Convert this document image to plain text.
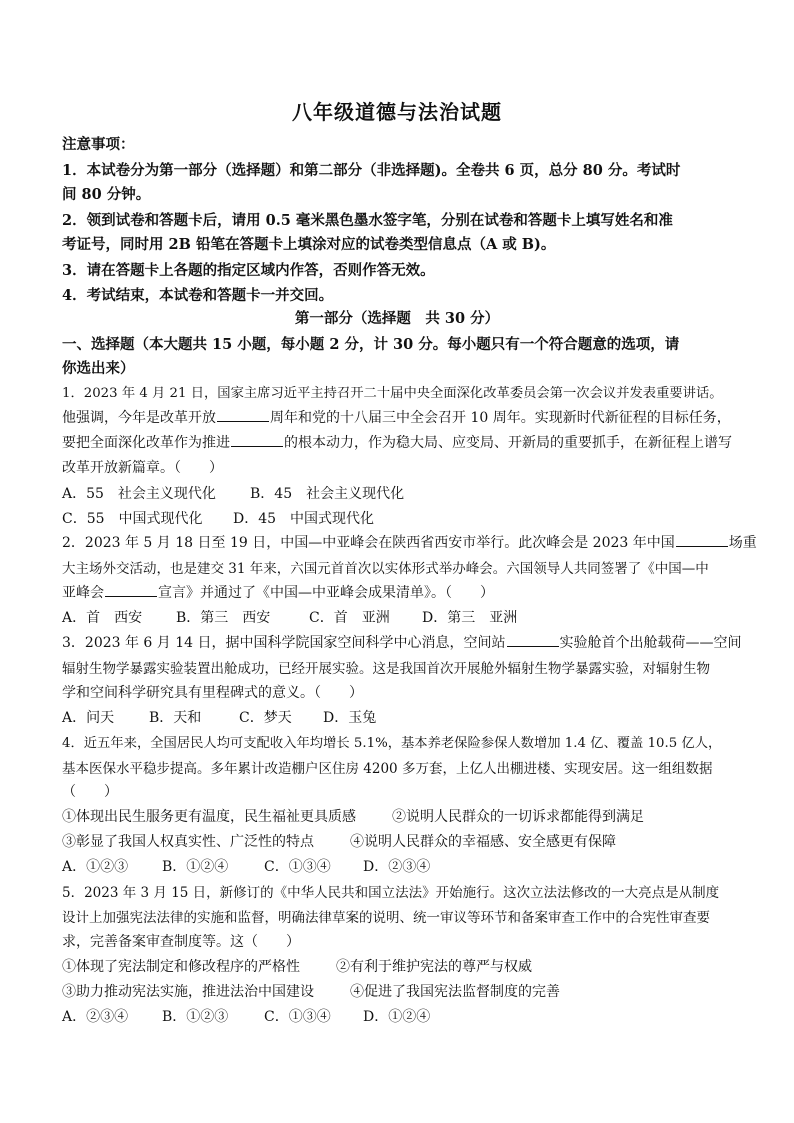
八年级道德与法治试题
注意事项：
1．本试卷分为第一部分（选择题）和第二部分（非选择题)。全卷共 6 页，总分 80 分。考试时
间 80 分钟。
2．领到试卷和答题卡后，请用 0.5 毫米黑色墨水签字笔，分别在试卷和答题卡上填写姓名和准
考证号，同时用 2B 铅笔在答题卡上填涂对应的试卷类型信息点（A 或 B)。
3．请在答题卡上各题的指定区域内作答，否则作答无效。
4．考试结束，本试卷和答题卡一并交回。
第一部分（选择题　共 30 分）
一、选择题（本大题共 15 小题，每小题 2 分，计 30 分。每小题只有一个符合题意的选项，请
你选出来）
1．2023 年 4 月 21 日，国家主席习近平主持召开二十届中央全面深化改革委员会第一次会议并发表重要讲话。
他强调，今年是改革开放	周年和党的十八届三中全会召开 10 周年。实现新时代新征程的目标任务，
要把全面深化改革作为推进	的根本动力，作为稳大局、应变局、开新局的重要抓手，在新征程上谱写
改革开放新篇章。（　　）
A．55　社会主义现代化 B．45　社会主义现代化
C．55　中国式现代化 D．45　中国式现代化
2．2023 年 5 月 18 日至 19 日，中国—中亚峰会在陕西省西安市举行。此次峰会是 2023 年中国	场重
大主场外交活动，也是建交 31 年来，六国元首首次以实体形式举办峰会。六国领导人共同签署了《中国—中
亚峰会	宣言》并通过了《中国—中亚峰会成果清单》。（　　）
A．首　西安 B．第三　西安	C．首　亚洲 D．第三　亚洲
3．2023 年 6 月 14 日，据中国科学院国家空间科学中心消息，空间站	实验舱首个出舱载荷——空间
辐射生物学暴露实验装置出舱成功，已经开展实验。这是我国首次开展舱外辐射生物学暴露实验，对辐射生物
学和空间科学研究具有里程碑式的意义。（　　）
A．问天 B．天和	C．梦天 D．玉兔
4．近五年来，全国居民人均可支配收入年均增长 5.1%，基本养老保险参保人数增加 1.4 亿、覆盖 10.5 亿人，
基本医保水平稳步提高。多年累计改造棚户区住房 4200 多万套，上亿人出棚进楼、实现安居。这一组组数据
（　　）
①体现出民生服务更有温度，民生福祉更具质感	②说明人民群众的一切诉求都能得到满足
③彰显了我国人权真实性、广泛性的特点	④说明人民群众的幸福感、安全感更有保障
A．①②③ B．①②④	C．①③④ D．②③④
5．2023 年 3 月 15 日，新修订的《中华人民共和国立法法》开始施行。这次立法法修改的一大亮点是从制度
设计上加强宪法法律的实施和监督，明确法律草案的说明、统一审议等环节和备案审查工作中的合宪性审查要
求，完善备案审查制度等。这（　　）
①体现了宪法制定和修改程序的严格性	②有利于维护宪法的尊严与权威
③助力推动宪法实施，推进法治中国建设	④促进了我国宪法监督制度的完善
A．②③④ B．①②③	C．①③④ D．①②④
